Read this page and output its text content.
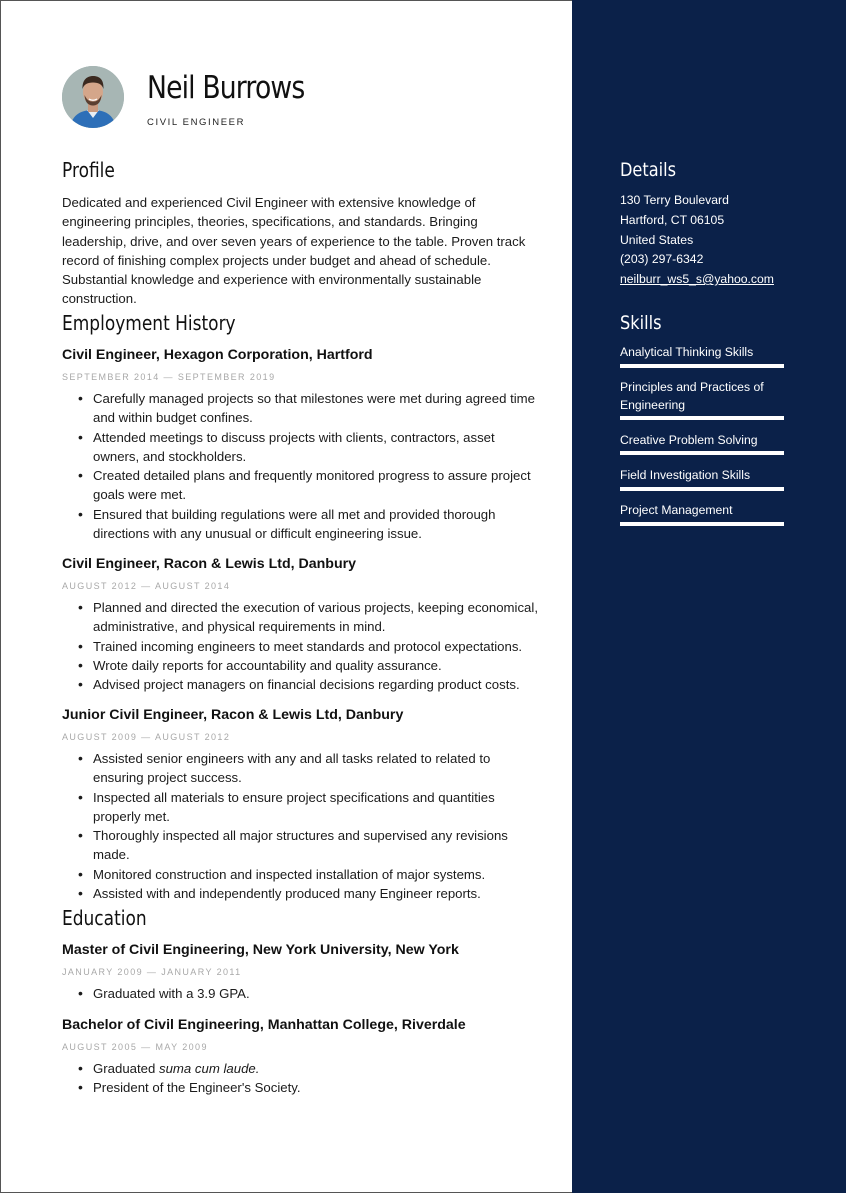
Neil Burrows
CIVIL ENGINEER
Profile
Dedicated and experienced Civil Engineer with extensive knowledge of engineering principles, theories, specifications, and standards. Bringing leadership, drive, and over seven years of experience to the table. Proven track record of finishing complex projects under budget and ahead of schedule. Substantial knowledge and experience with environmentally sustainable construction.
Employment History
Civil Engineer, Hexagon Corporation, Hartford
SEPTEMBER 2014 — SEPTEMBER 2019
• Carefully managed projects so that milestones were met during agreed time and within budget confines.
• Attended meetings to discuss projects with clients, contractors, asset owners, and stockholders.
• Created detailed plans and frequently monitored progress to assure project goals were met.
• Ensured that building regulations were all met and provided thorough directions with any unusual or difficult engineering issue.
Civil Engineer, Racon & Lewis Ltd, Danbury
AUGUST 2012 — AUGUST 2014
• Planned and directed the execution of various projects, keeping economical, administrative, and physical requirements in mind.
• Trained incoming engineers to meet standards and protocol expectations.
• Wrote daily reports for accountability and quality assurance.
• Advised project managers on financial decisions regarding product costs.
Junior Civil Engineer, Racon & Lewis Ltd, Danbury
AUGUST 2009 — AUGUST 2012
• Assisted senior engineers with any and all tasks related to related to ensuring project success.
• Inspected all materials to ensure project specifications and quantities properly met.
• Thoroughly inspected all major structures and supervised any revisions made.
• Monitored construction and inspected installation of major systems.
• Assisted with and independently produced many Engineer reports.
Education
Master of Civil Engineering, New York University, New York
JANUARY 2009 — JANUARY 2011
• Graduated with a 3.9 GPA.
Bachelor of Civil Engineering, Manhattan College, Riverdale
AUGUST 2005 — MAY 2009
• Graduated suma cum laude.
• President of the Engineer's Society.
Details
130 Terry Boulevard
Hartford, CT 06105
United States
(203) 297-6342
neilburr_ws5_s@yahoo.com
Skills
Analytical Thinking Skills
Principles and Practices of Engineering
Creative Problem Solving
Field Investigation Skills
Project Management
